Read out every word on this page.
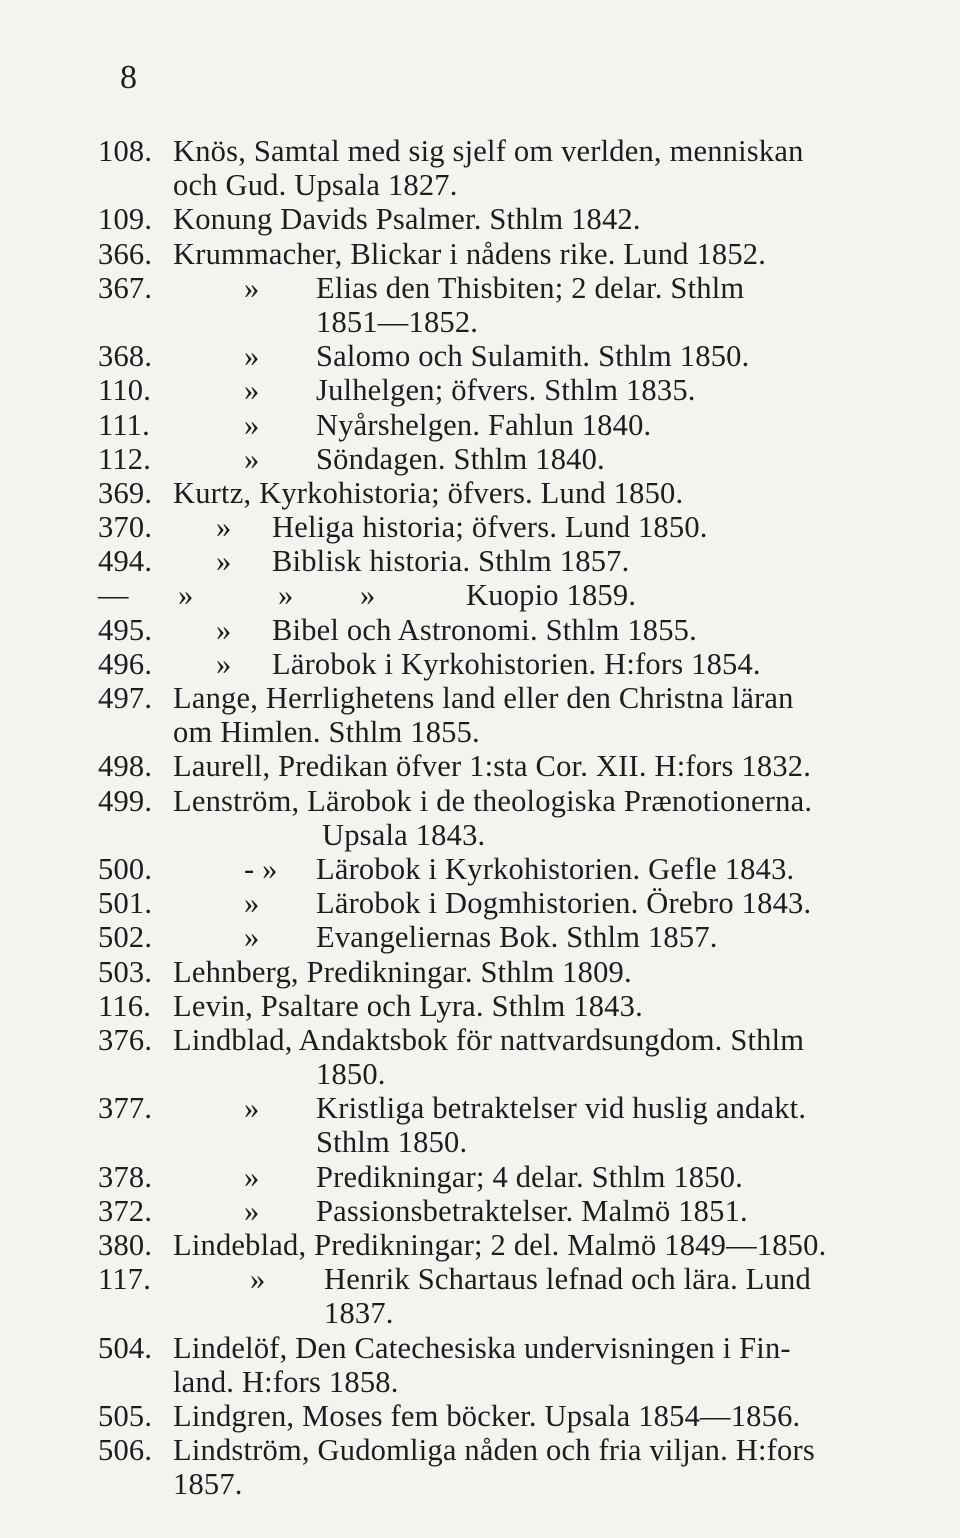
8
108. Knös, Samtal med sig sjelf om verlden, menniskan
och Gud. Upsala 1827.
109. Konung Davids Psalmer. Sthlm 1842.
366. Krummacher, Blickar i nådens rike. Lund 1852.
367.	» Elias den Thisbiten; 2 delar. Sthlm
1851—1852.
368.	» Salomo och Sulamith. Sthlm 1850.
110.	» Julhelgen; öfvers. Sthlm 1835.
111.	» Nyårshelgen. Fahlun 1840.
112.	» Söndagen. Sthlm 1840.
369. Kurtz, Kyrkohistoria; öfvers. Lund 1850.
370.	» Heliga historia; öfvers. Lund 1850.
494.	» Biblisk historia. Sthlm 1857.
—	»	» »	Kuopio 1859.
495.	» Bibel och Astronomi. Sthlm 1855.
496.	» Lärobok i Kyrkohistorien. H:fors 1854.
497. Lange, Herrlighetens land eller den Christna läran
om Himlen. Sthlm 1855.
498. Laurell, Predikan öfver 1:sta Cor. XII. H:fors 1832.
499. Lenström, Lärobok i de theologiska Prænotionerna.
Upsala 1843.
500.	- » Lärobok i Kyrkohistorien. Gefle 1843.
501.	» Lärobok i Dogmhistorien. Örebro 1843.
502.	» Evangeliernas Bok. Sthlm 1857.
503. Lehnberg, Predikningar. Sthlm 1809.
116. Levin, Psaltare och Lyra. Sthlm 1843.
376. Lindblad, Andaktsbok för nattvardsungdom. Sthlm
1850.
377.	» Kristliga betraktelser vid huslig andakt.
Sthlm 1850.
378.	» Predikningar; 4 delar. Sthlm 1850.
372.	» Passionsbetraktelser. Malmö 1851.
380. Lindeblad, Predikningar; 2 del. Malmö 1849—1850.
117.	» Henrik Schartaus lefnad och lära. Lund
1837.
504. Lindelöf, Den Catechesiska undervisningen i Fin-
land. H:fors 1858.
505. Lindgren, Moses fem böcker. Upsala 1854—1856.
506. Lindström, Gudomliga nåden och fria viljan. H:fors
1857.
